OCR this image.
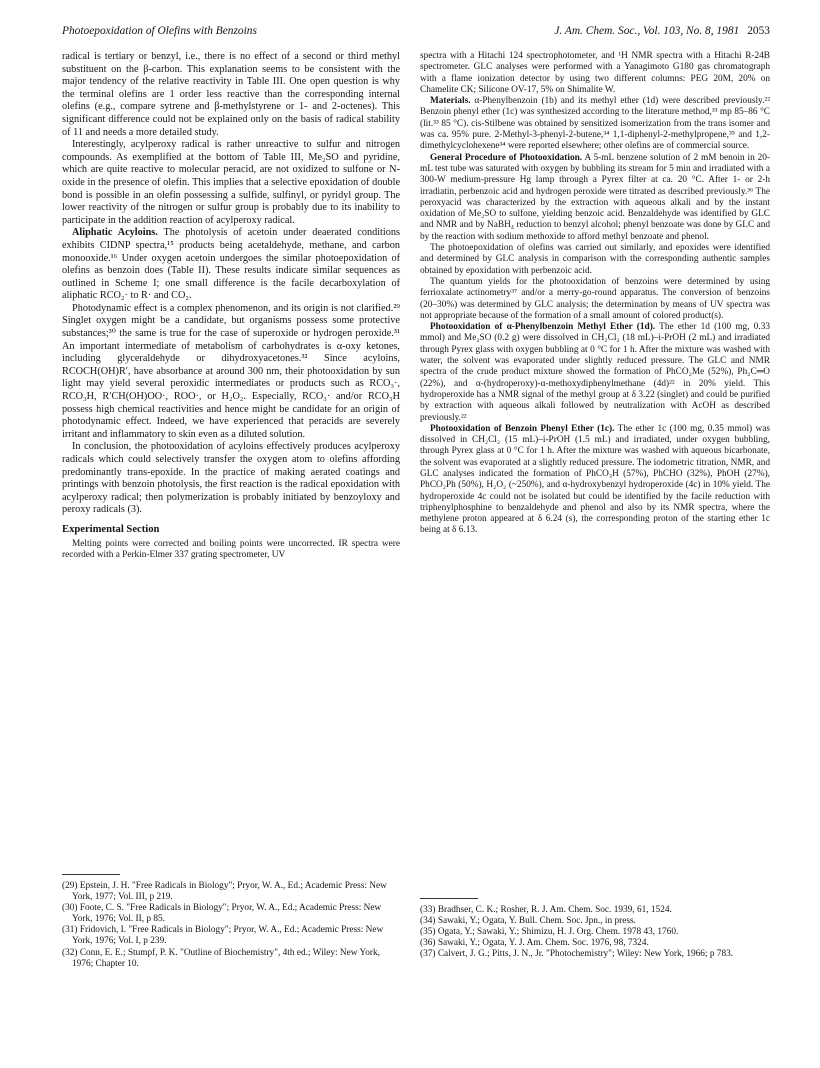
Photoepoxidation of Olefins with Benzoins	J. Am. Chem. Soc., Vol. 103, No. 8, 1981 2053

radical is tertiary or benzyl, i.e., there is no effect of a second or third methyl substituent on the β-carbon. This explanation seems to be consistent with the major tendency of the relative reactivity in Table III. One open question is why the terminal olefins are 1 order less reactive than the corresponding internal olefins (e.g., compare sytrene and β-methylstyrene or 1- and 2-octenes). This significant difference could not be explained only on the basis of radical stability of 11 and needs a more detailed study.

Interestingly, acylperoxy radical is rather unreactive to sulfur and nitrogen compounds. As exemplified at the bottom of Table III, Me₂SO and pyridine, which are quite reactive to molecular peracid, are not oxidized to sulfone or N-oxide in the presence of olefin. This implies that a selective epoxidation of double bond is possible in an olefin possessing a sulfide, sulfinyl, or pyridyl group. The lower reactivity of the nitrogen or sulfur group is probably due to its inability to participate in the addition reaction of acylperoxy radical.

Aliphatic Acyloins. The photolysis of acetoin under deaerated conditions exhibits CIDNP spectra,¹⁵ products being acetaldehyde, methane, and carbon monooxide.¹⁶ Under oxygen acetoin undergoes the similar photoepoxidation of olefins as benzoin does (Table II). These results indicate similar sequences as outlined in Scheme I; one small difference is the facile decarboxylation of aliphatic RCO₂· to R· and CO₂.

Photodynamic effect is a complex phenomenon, and its origin is not clarified.²⁹ Singlet oxygen might be a candidate, but organisms possess some protective substances;³⁰ the same is true for the case of superoxide or hydrogen peroxide.³¹ An important intermediate of metabolism of carbohydrates is α-oxy ketones, including glyceraldehyde or dihydroxyacetones.³² Since acyloins, RCOCH(OH)R′, have absorbance at around 300 nm, their photooxidation by sun light may yield several peroxidic intermediates or products such as RCO₃·, RCO₃H, R′CH(OH)OO·, ROO·, or H₂O₂. Especially, RCO₃· and/or RCO₃H possess high chemical reactivities and hence might be candidate for an origin of photodynamic effect. Indeed, we have experienced that peracids are severely irritant and inflammatory to skin even as a diluted solution.

In conclusion, the photooxidation of acyloins effectively produces acylperoxy radicals which could selectively transfer the oxygen atom to olefins affording predominantly trans-epoxide. In the practice of making aerated coatings and printings with benzoin photolysis, the first reaction is the radical epoxidation with acylperoxy radical; then polymerization is probably initiated by benzoyloxy and peroxy radicals (3).

Experimental Section

Melting points were corrected and boiling points were uncorrected. IR spectra were recorded with a Perkin-Elmer 337 grating spectrometer, UV

spectra with a Hitachi 124 spectrophotometer, and ¹H NMR spectra with a Hitachi R-24B spectrometer. GLC analyses were performed with a Yanagimoto G180 gas chromatograph with a flame ionization detector by using two different columns: PEG 20M, 20% on Chamelite CK; Silicone OV-17, 5% on Shimalite W.

Materials. α-Phenylbenzoin (1b) and its methyl ether (1d) were described previously.²² Benzoin phenyl ether (1c) was synthesized according to the literature method,³³ mp 85–86 °C (lit.³³ 85 °C). cis-Stilbene was obtained by sensitized isomerization from the trans isomer and was ca. 95% pure. 2-Methyl-3-phenyl-2-butene,³⁴ 1,1-diphenyl-2-methylpropene,³⁵ and 1,2-dimethylcyclohexene³⁴ were reported elsewhere; other olefins are of commercial source.

General Procedure of Photooxidation. A 5-mL benzene solution of 2 mM benoin in 20-mL test tube was saturated with oxygen by bubbling its stream for 5 min and irradiated with a 300-W medium-pressure Hg lamp through a Pyrex filter at ca. 20 °C. After 1- or 2-h irradiatin, perbenzoic acid and hydrogen peroxide were titrated as described previously.³⁶ The peroxyacid was characterized by the extraction with aqueous alkali and by the instant oxidation of Me₂SO to sulfone, yielding benzoic acid. Benzaldehyde was identified by GLC and NMR and by NaBH₄ reduction to benzyl alcohol; phenyl benzoate was done by GLC and by the reaction with sodium methoxide to afford methyl benzoate and phenol.

The photoepoxidation of olefins was carried out similarly, and epoxides were identified and determined by GLC analysis in comparison with the corresponding authentic samples obtained by epoxidation with perbenzoic acid.

The quantum yields for the photooxidation of benzoins were determined by using ferrioxalate actinometry³⁷ and/or a merry-go-round apparatus. The conversion of benzoins (20–30%) was determined by GLC analysis; the determination by means of UV spectra was not appropriate because of the formation of a small amount of colored product(s).

Photooxidation of α-Phenylbenzoin Methyl Ether (1d). The ether 1d (100 mg, 0.33 mmol) and Me₂SO (0.2 g) were dissolved in CH₂Cl₂ (18 mL)–i-PrOH (2 mL) and irradiated through Pyrex glass with oxygen bubbling at 0 °C for 1 h. After the mixture was washed with water, the solvent was evaporated under slightly reduced pressure. The GLC and NMR spectra of the crude product mixture showed the formation of PhCO₂Me (52%), Ph₂C═O (22%), and α-(hydroperoxy)-α-methoxydiphenylmethane (4d)²² in 20% yield. This hydroperoxide has a NMR signal of the methyl group at δ 3.22 (singlet) and could be purified by extraction with aqueous alkali followed by neutralization with AcOH as described previously.²²

Photooxidation of Benzoin Phenyl Ether (1c). The ether 1c (100 mg, 0.35 mmol) was dissolved in CH₂Cl₂ (15 mL)–i-PrOH (1.5 mL) and irradiated, under oxygen bubbling, through Pyrex glass at 0 °C for 1 h. After the mixture was washed with aqueous bicarbonate, the solvent was evaporated at a slightly reduced pressure. The iodometric titration, NMR, and GLC analyses indicated the formation of PhCO₃H (57%), PhCHO (32%), PhOH (27%), PhCO₂Ph (50%), H₂O₂ (~250%), and α-hydroxybenzyl hydroperoxide (4c) in 10% yield. The hydroperoxide 4c could not be isolated but could be identified by the facile reduction with triphenylphosphine to benzaldehyde and phenol and also by its NMR spectra, where the methylene proton appeared at δ 6.24 (s), the corresponding proton of the starting ether 1c being at δ 6.13.

(29) Epstein, J. H. "Free Radicals in Biology"; Pryor, W. A., Ed.; Academic Press: New York, 1977; Vol. III, p 219.

(30) Foote, C. S. "Free Radicals in Biology"; Pryor, W. A., Ed.; Academic Press: New York, 1976; Vol. II, p 85.

(31) Fridovich, I. "Free Radicals in Biology"; Pryor, W. A., Ed.; Academic Press: New York, 1976; Vol. I, p 239.

(32) Conn, E. E.; Stumpf, P. K. "Outline of Biochemistry", 4th ed.; Wiley: New York, 1976; Chapter 10.

(33) Bradhser, C. K.; Rosher, R. J. Am. Chem. Soc. 1939, 61, 1524.

(34) Sawaki, Y.; Ogata, Y. Bull. Chem. Soc. Jpn., in press.

(35) Ogata, Y.; Sawaki, Y.; Shimizu, H. J. Org. Chem. 1978 43, 1760.

(36) Sawaki, Y.; Ogata, Y. J. Am. Chem. Soc. 1976, 98, 7324.

(37) Calvert, J. G.; Pitts, J. N., Jr. "Photochemistry"; Wiley: New York, 1966; p 783.
